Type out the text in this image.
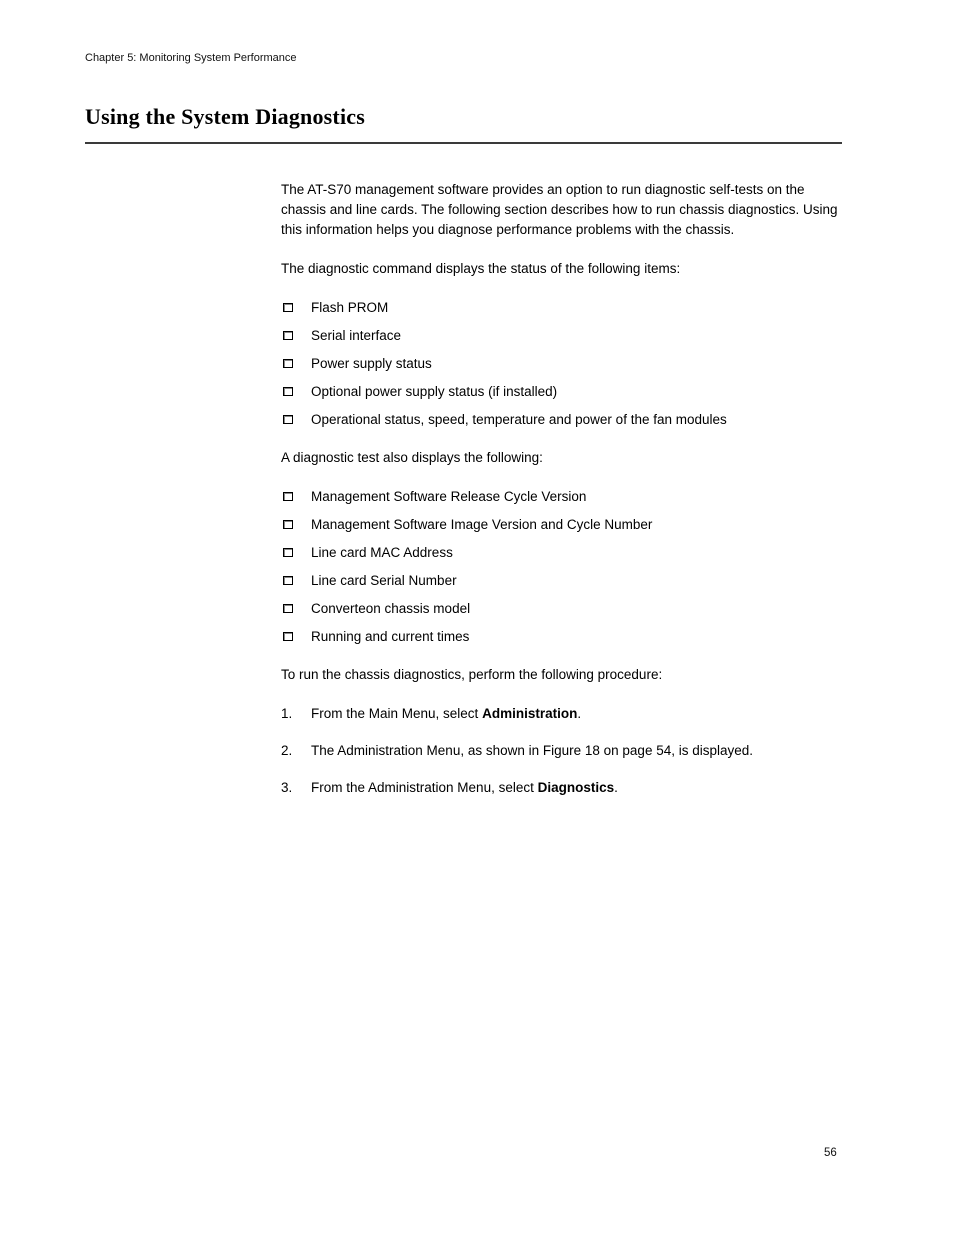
Chapter 5: Monitoring System Performance
Using the System Diagnostics

The AT-S70 management software provides an option to run diagnostic self-tests on the chassis and line cards. The following section describes how to run chassis diagnostics. Using this information helps you diagnose performance problems with the chassis.

The diagnostic command displays the status of the following items:

Flash PROM
Serial interface
Power supply status
Optional power supply status (if installed)
Operational status, speed, temperature and power of the fan modules

A diagnostic test also displays the following:

Management Software Release Cycle Version
Management Software Image Version and Cycle Number
Line card MAC Address
Line card Serial Number
Converteon chassis model
Running and current times

To run the chassis diagnostics, perform the following procedure:

1.	From the Main Menu, select Administration.
2.	The Administration Menu, as shown in Figure 18 on page 54, is displayed.
3.	From the Administration Menu, select Diagnostics.
56
